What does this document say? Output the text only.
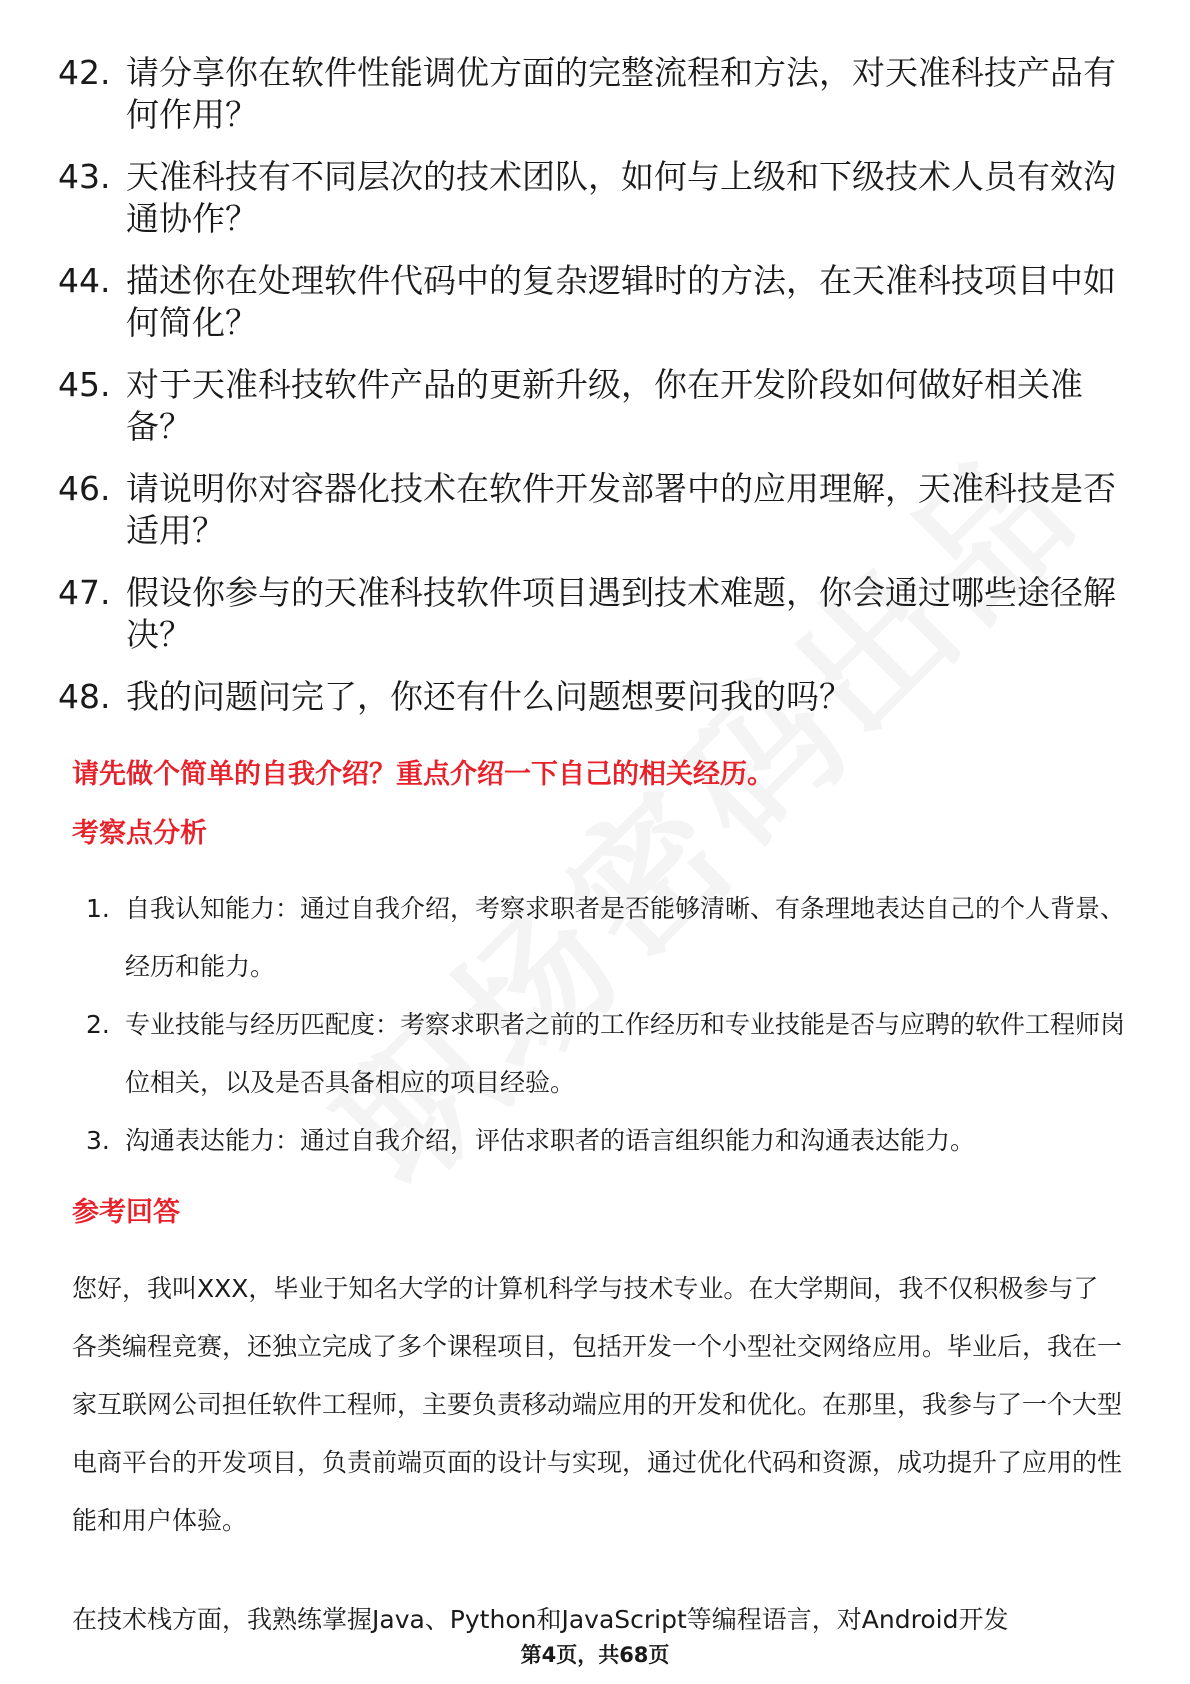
42. 请分享你在软件性能调优方面的完整流程和方法，对天准科技产品有何作用？
43. 天准科技有不同层次的技术团队，如何与上级和下级技术人员有效沟通协作？
44. 描述你在处理软件代码中的复杂逻辑时的方法，在天准科技项目中如何简化？
45. 对于天准科技软件产品的更新升级，你在开发阶段如何做好相关准备？
46. 请说明你对容器化技术在软件开发部署中的应用理解，天准科技是否适用？
47. 假设你参与的天准科技软件项目遇到技术难题，你会通过哪些途径解决？
48. 我的问题问完了，你还有什么问题想要问我的吗？
请先做个简单的自我介绍？重点介绍一下自己的相关经历。
考察点分析
1. 自我认知能力：通过自我介绍，考察求职者是否能够清晰、有条理地表达自己的个人背景、经历和能力。
2. 专业技能与经历匹配度：考察求职者之前的工作经历和专业技能是否与应聘的软件工程师岗位相关，以及是否具备相应的项目经验。
3. 沟通表达能力：通过自我介绍，评估求职者的语言组织能力和沟通表达能力。
参考回答

您好，我叫XXX，毕业于知名大学的计算机科学与技术专业。在大学期间，我不仅积极参与了各类编程竞赛，还独立完成了多个课程项目，包括开发一个小型社交网络应用。毕业后，我在一家互联网公司担任软件工程师，主要负责移动端应用的开发和优化。在那里，我参与了一个大型电商平台的开发项目，负责前端页面的设计与实现，通过优化代码和资源，成功提升了应用的性能和用户体验。

在技术栈方面，我熟练掌握Java、Python和JavaScript等编程语言，对Android开发

第4页，共68页
